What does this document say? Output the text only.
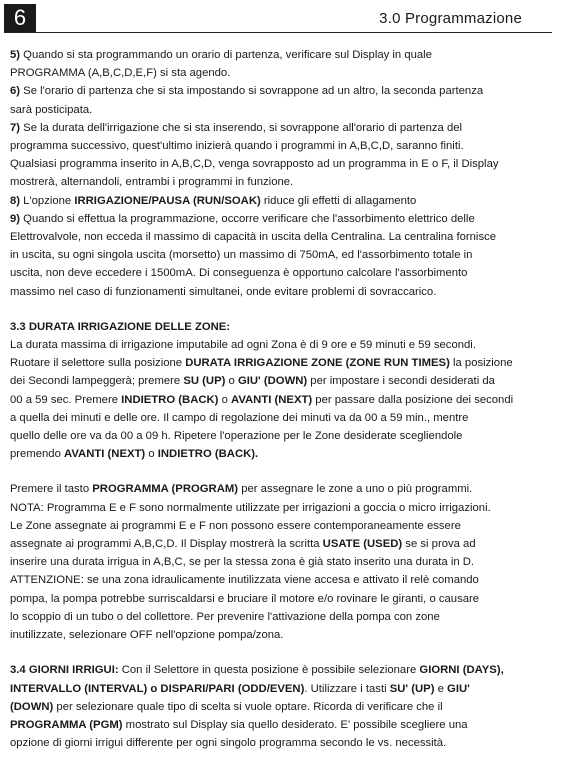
6	3.0 Programmazione

5) Quando si sta programmando un orario di partenza, verificare sul Display in quale
PROGRAMMA (A,B,C,D,E,F) si sta agendo.

6) Se l'orario di partenza che si sta impostando si sovrappone ad un altro, la seconda partenza
sarà posticipata.

7) Se la durata dell'irrigazione che si sta inserendo, si sovrappone all'orario di partenza del
programma successivo, quest'ultimo inizierà quando i programmi in A,B,C,D, saranno finiti.
Qualsiasi programma inserito in A,B,C,D, venga sovrapposto ad un programma in E o F, il Display
mostrerà, alternandoli, entrambi i programmi in funzione.

8) L'opzione IRRIGAZIONE/PAUSA (RUN/SOAK) riduce gli effetti di allagamento

9) Quando si effettua la programmazione, occorre verificare che l'assorbimento elettrico delle
Elettrovalvole, non ecceda il massimo di capacità in uscita della Centralina. La centralina fornisce
in uscita, su ogni singola uscita (morsetto) un massimo di 750mA, ed l'assorbimento totale in
uscita, non deve eccedere i 1500mA. Di conseguenza è opportuno calcolare l'assorbimento
massimo nel caso di funzionamenti simultanei, onde evitare problemi di sovraccarico.

3.3 DURATA IRRIGAZIONE DELLE ZONE:

La durata massima di irrigazione imputabile ad ogni Zona è di 9 ore e 59 minuti e 59 secondi.
Ruotare il selettore sulla posizione DURATA IRRIGAZIONE ZONE (ZONE RUN TIMES) la posizione
dei Secondi lampeggerà; premere SU (UP) o GIU' (DOWN) per impostare i secondi desiderati da
00 a 59 sec. Premere INDIETRO (BACK) o AVANTI (NEXT) per passare dalla posizione dei secondi
a quella dei minuti e delle ore. Il campo di regolazione dei minuti va da 00 a 59 min., mentre
quello delle ore va da 00 a 09 h. Ripetere l'operazione per le Zone desiderate scegliendole
premendo AVANTI (NEXT) o INDIETRO (BACK).

Premere il tasto PROGRAMMA (PROGRAM) per assegnare le zone a uno o più programmi.
NOTA: Programma E e F sono normalmente utilizzate per irrigazioni a goccia o micro irrigazioni.
Le Zone assegnate ai programmi E e F non possono essere contemporaneamente essere
assegnate ai programmi A,B,C,D. Il Display mostrerà la scritta USATE (USED) se si prova ad
inserire una durata irrigua in A,B,C, se per la stessa zona è già stato inserito una durata in D.
ATTENZIONE: se una zona idraulicamente inutilizzata viene accesa e attivato il relè comando
pompa, la pompa potrebbe surriscaldarsi e bruciare il motore e/o rovinare le giranti, o causare
lo scoppio di un tubo o del collettore. Per prevenire l'attivazione della pompa con zone
inutilizzate, selezionare OFF nell'opzione pompa/zona.

3.4 GIORNI IRRIGUI: Con il Selettore in questa posizione è possibile selezionare GIORNI (DAYS),
INTERVALLO (INTERVAL) o DISPARI/PARI (ODD/EVEN). Utilizzare i tasti SU' (UP) e GIU'
(DOWN) per selezionare quale tipo di scelta si vuole optare. Ricorda di verificare che il
PROGRAMMA (PGM) mostrato sul Display sia quello desiderato. E' possibile scegliere una
opzione di giorni irrigui differente per ogni singolo programma secondo le vs. necessità.
